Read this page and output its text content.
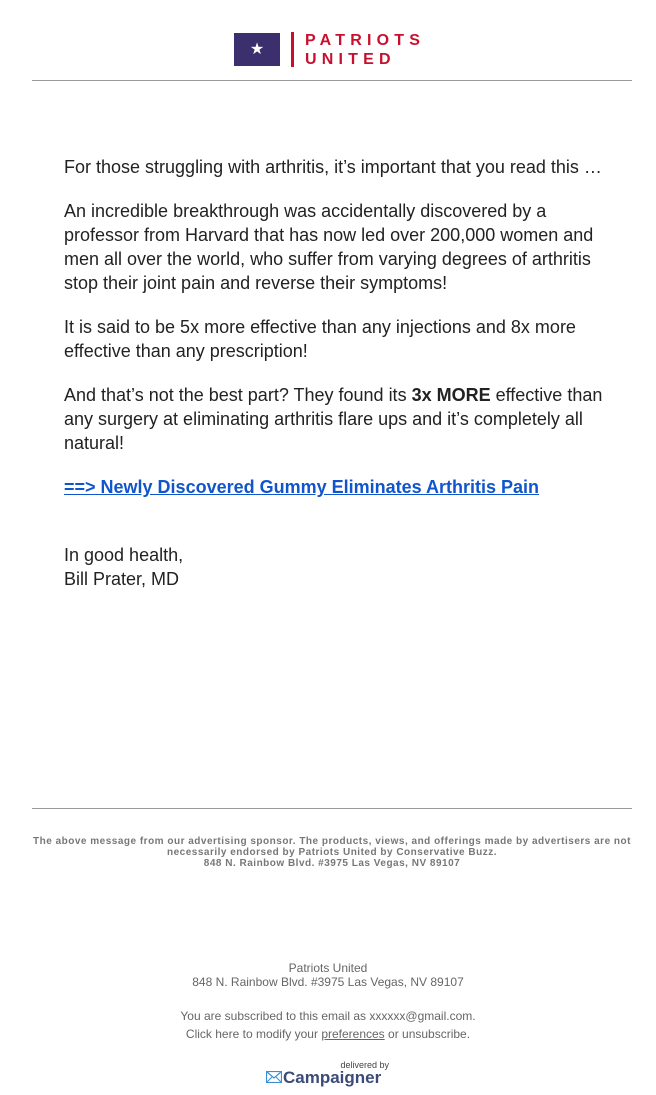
★
PATRIOTS
UNITED

For those struggling with arthritis, it’s important that you read this …

An incredible breakthrough was accidentally discovered by a professor from Harvard that has now led over 200,000 women and men all over the world, who suffer from varying degrees of arthritis stop their joint pain and reverse their symptoms!

It is said to be 5x more effective than any injections and 8x more effective than any prescription!

And that’s not the best part? They found its 3x MORE effective than any surgery at eliminating arthritis flare ups and it’s completely all natural!

==> Newly Discovered Gummy Eliminates Arthritis Pain

In good health,
Bill Prater, MD
The above message from our advertising sponsor. The products, views, and offerings made by advertisers are not necessarily endorsed by Patriots United by Conservative Buzz.
848 N. Rainbow Blvd. #3975 Las Vegas, NV 89107
Patriots United
848 N. Rainbow Blvd. #3975 Las Vegas, NV 89107
You are subscribed to this email as xxxxxx@gmail.com.
Click here to modify your preferences or unsubscribe.
delivered by
Campaigner
